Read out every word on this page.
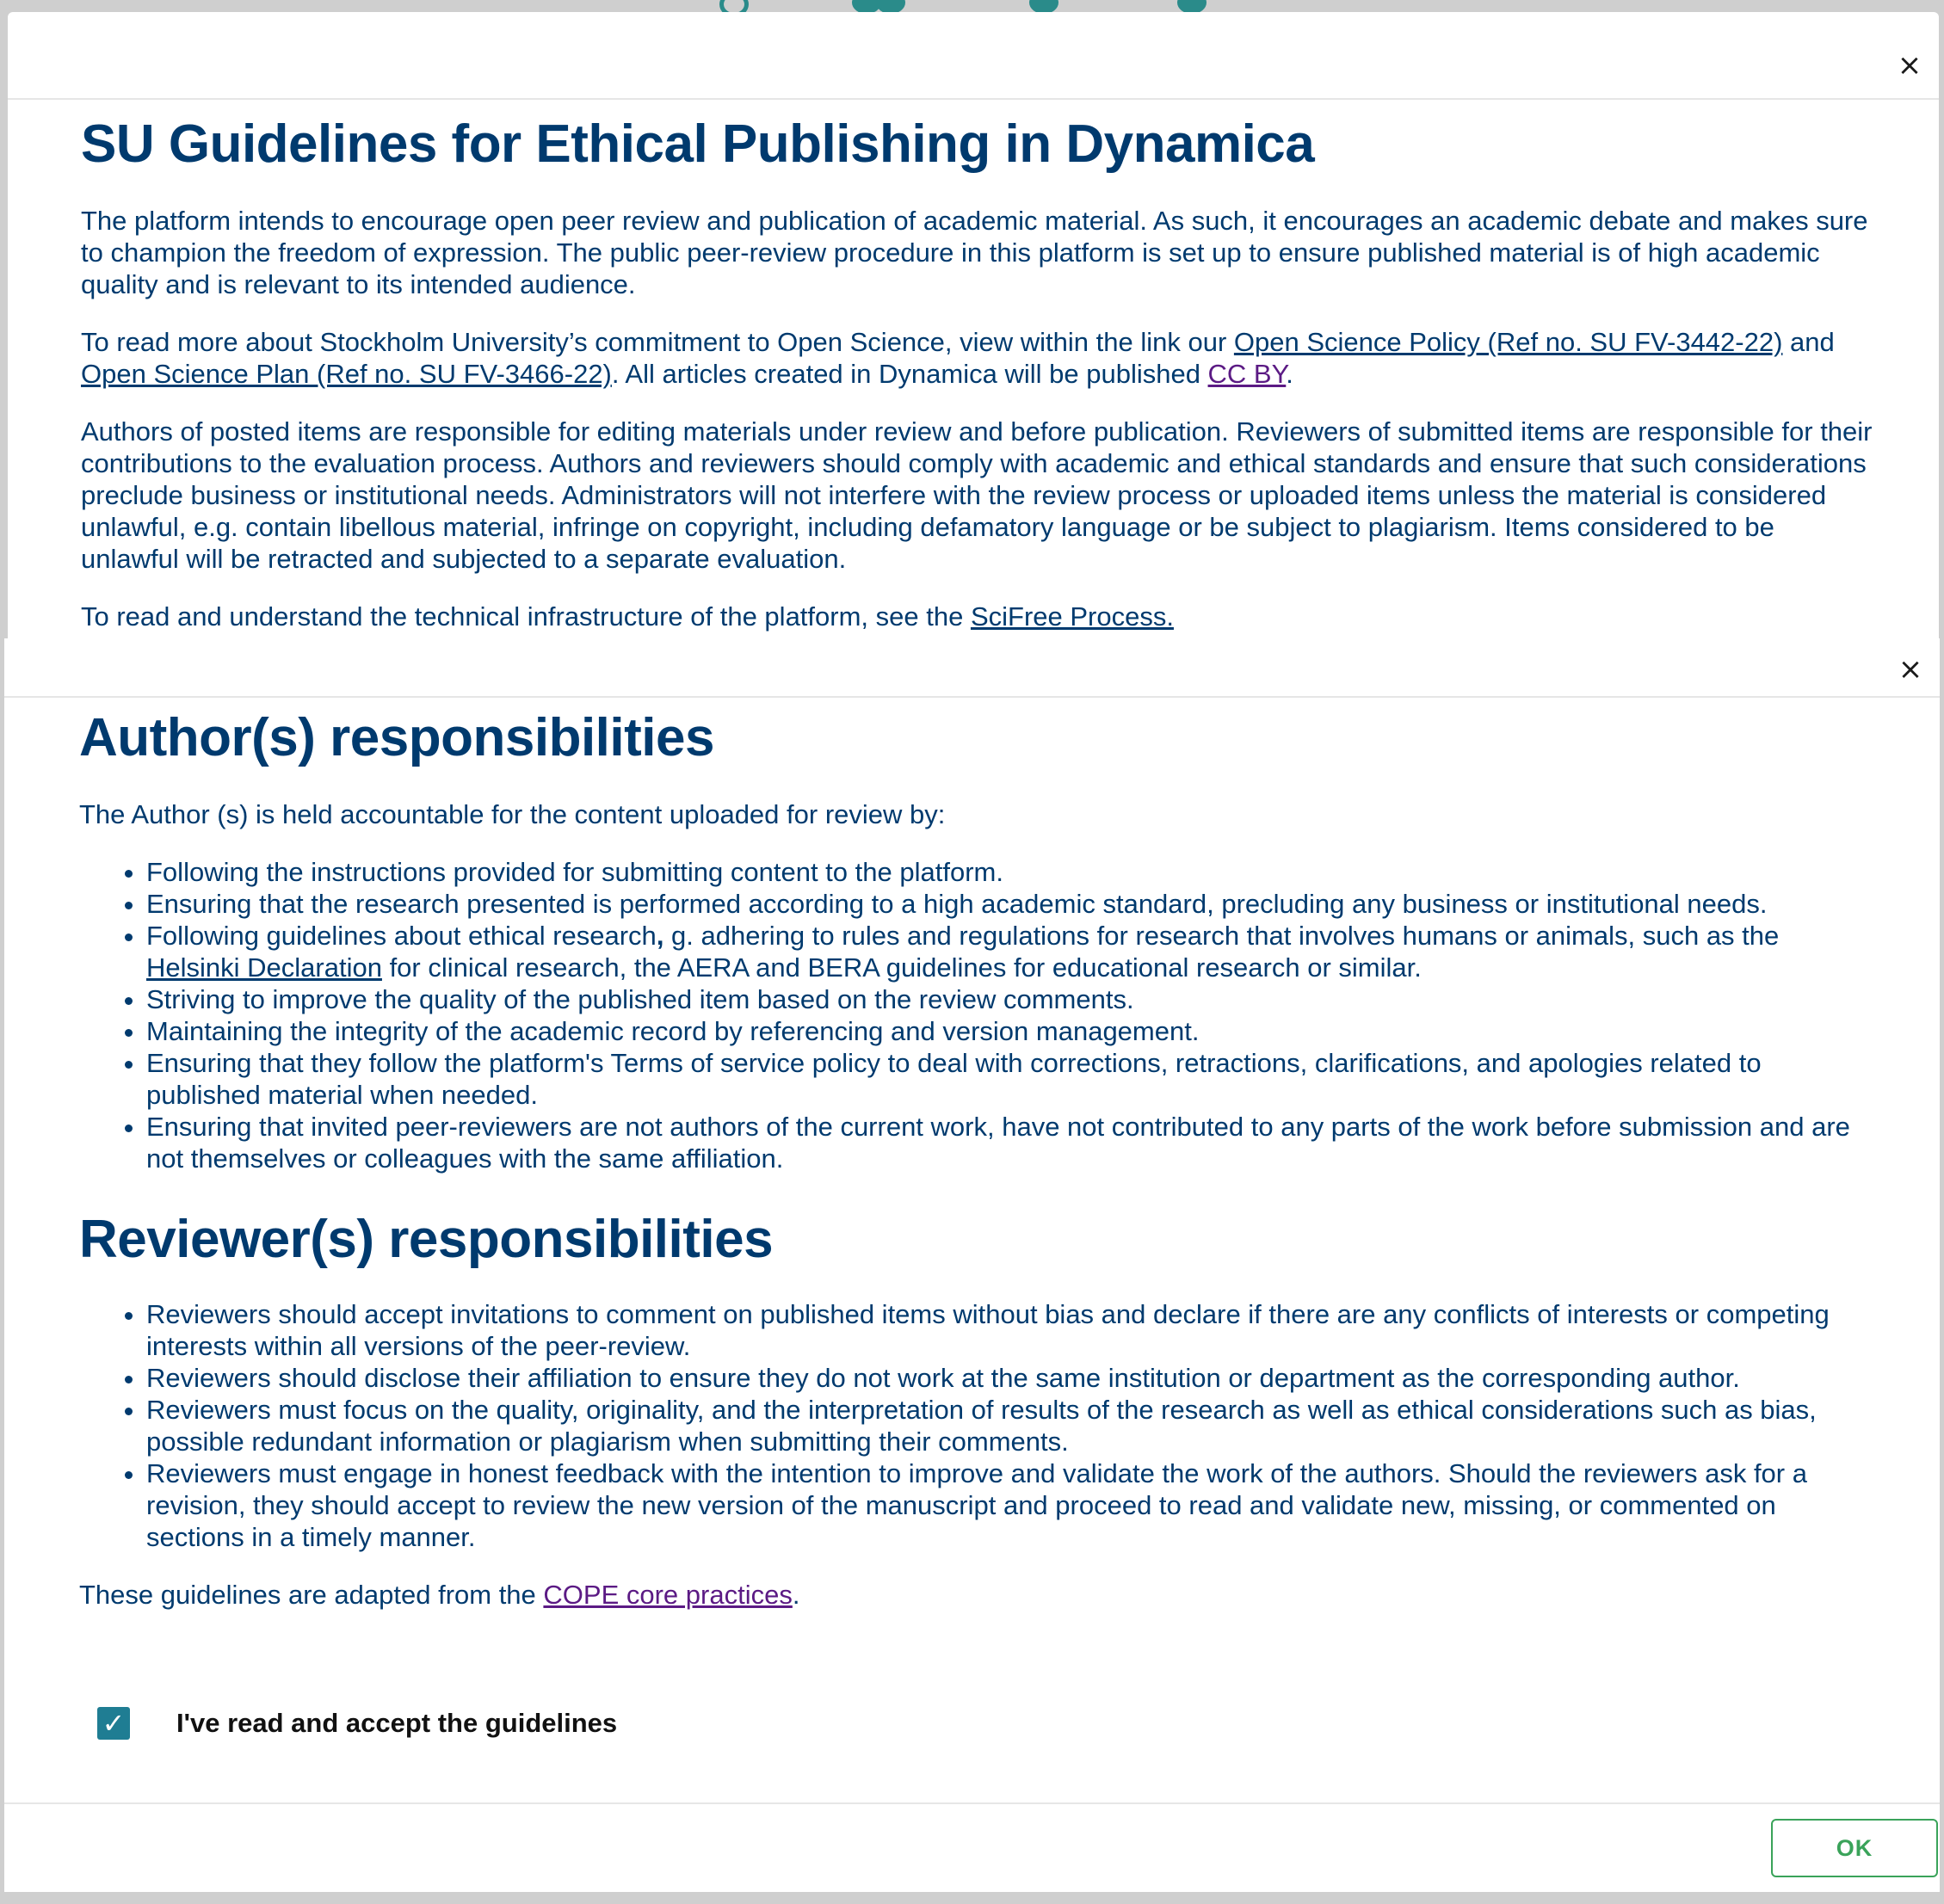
×
SU Guidelines for Ethical Publishing in Dynamica

The platform intends to encourage open peer review and publication of academic material. As such, it encourages an academic debate and makes sure to champion the freedom of expression. The public peer-review procedure in this platform is set up to ensure published material is of high academic quality and is relevant to its intended audience.

To read more about Stockholm University’s commitment to Open Science, view within the link our Open Science Policy (Ref no. SU FV-3442-22) and Open Science Plan (Ref no. SU FV-3466-22). All articles created in Dynamica will be published CC BY.

Authors of posted items are responsible for editing materials under review and before publication. Reviewers of submitted items are responsible for their contributions to the evaluation process. Authors and reviewers should comply with academic and ethical standards and ensure that such considerations preclude business or institutional needs. Administrators will not interfere with the review process or uploaded items unless the material is considered unlawful, e.g. contain libellous material, infringe on copyright, including defamatory language or be subject to plagiarism. Items considered to be unlawful will be retracted and subjected to a separate evaluation.

To read and understand the technical infrastructure of the platform, see the SciFree Process.

×
Author(s) responsibilities

The Author (s) is held accountable for the content uploaded for review by:

• Following the instructions provided for submitting content to the platform.
• Ensuring that the research presented is performed according to a high academic standard, precluding any business or institutional needs.
• Following guidelines about ethical research, g. adhering to rules and regulations for research that involves humans or animals, such as the Helsinki Declaration for clinical research, the AERA and BERA guidelines for educational research or similar.
• Striving to improve the quality of the published item based on the review comments.
• Maintaining the integrity of the academic record by referencing and version management.
• Ensuring that they follow the platform's Terms of service policy to deal with corrections, retractions, clarifications, and apologies related to published material when needed.
• Ensuring that invited peer-reviewers are not authors of the current work, have not contributed to any parts of the work before submission and are not themselves or colleagues with the same affiliation.
Reviewer(s) responsibilities
• Reviewers should accept invitations to comment on published items without bias and declare if there are any conflicts of interests or competing interests within all versions of the peer-review.
• Reviewers should disclose their affiliation to ensure they do not work at the same institution or department as the corresponding author.
• Reviewers must focus on the quality, originality, and the interpretation of results of the research as well as ethical considerations such as bias, possible redundant information or plagiarism when submitting their comments.
• Reviewers must engage in honest feedback with the intention to improve and validate the work of the authors. Should the reviewers ask for a revision, they should accept to review the new version of the manuscript and proceed to read and validate new, missing, or commented on sections in a timely manner.

These guidelines are adapted from the COPE core practices.

✓ I've read and accept the guidelines
OK
